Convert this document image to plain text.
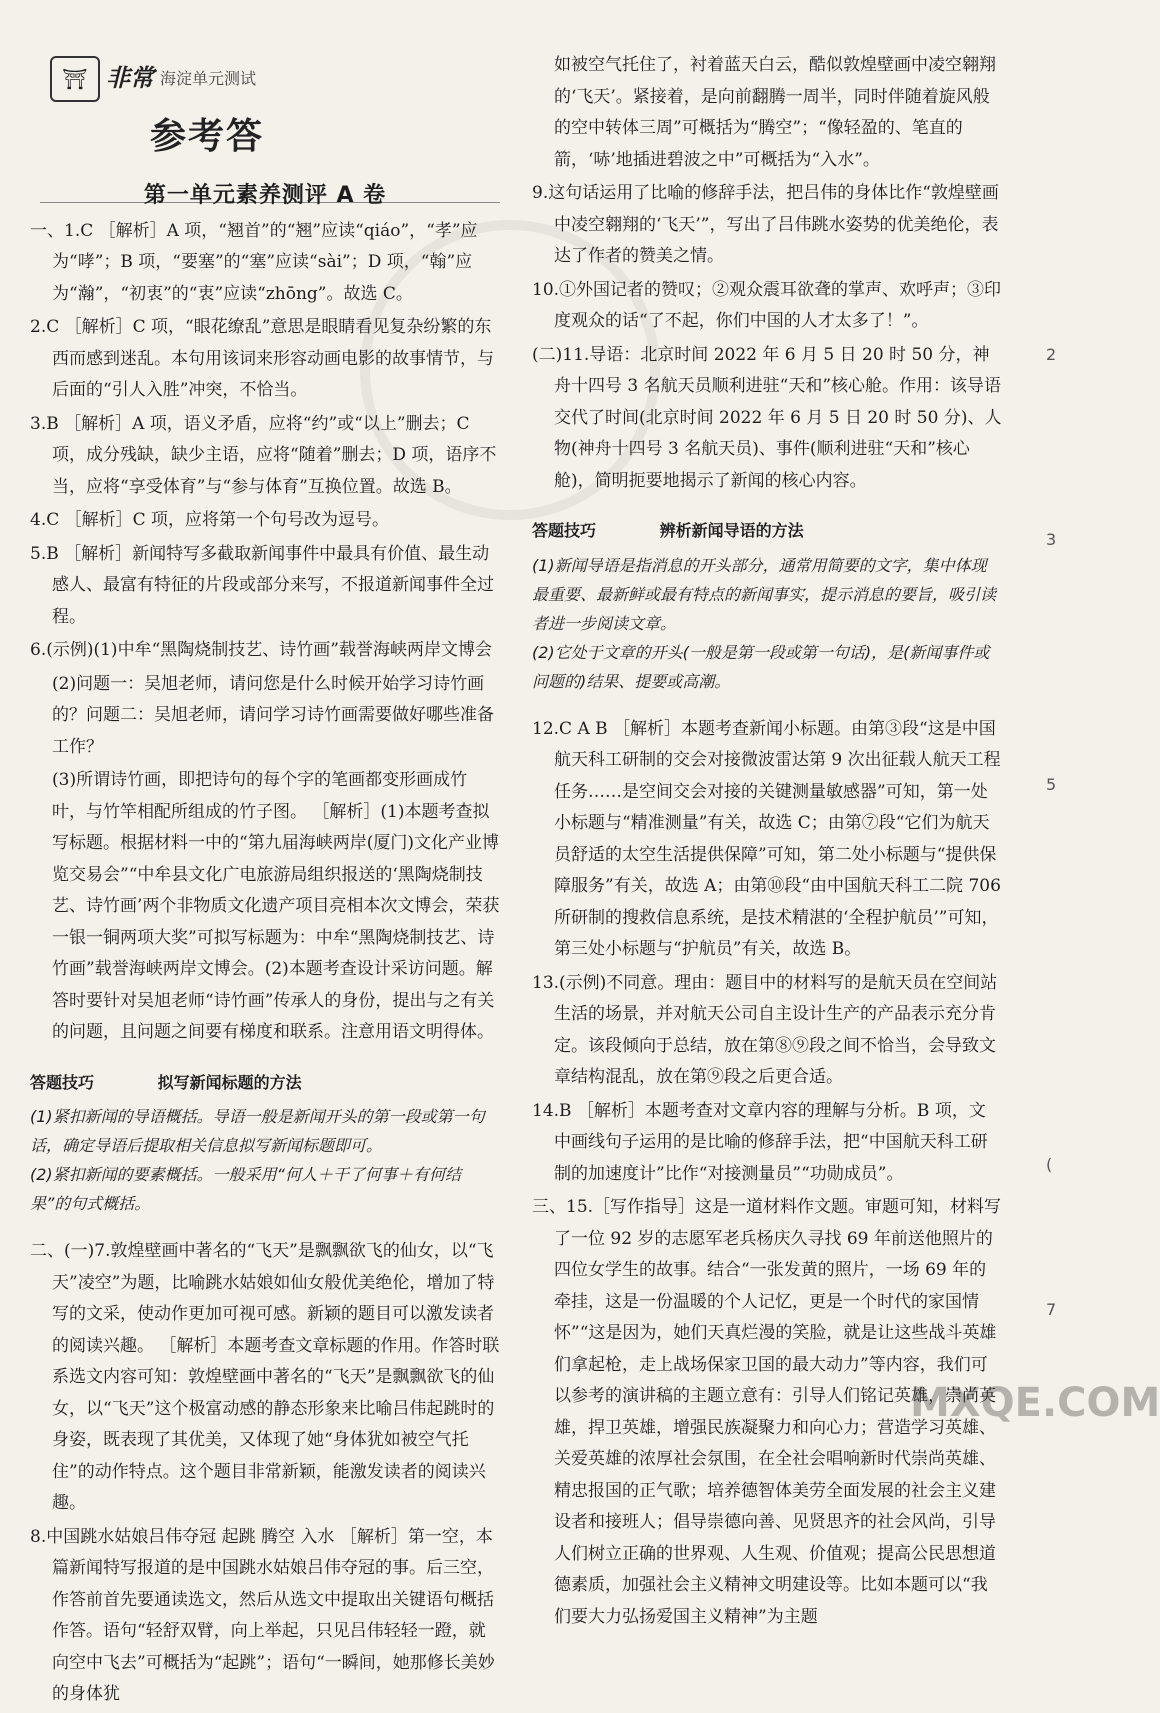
⛩ 非常 海淀单元测试
参考答
第一单元素养测评 A 卷

一、1.C ［解析］A 项，“翘首”的“翘”应读“qiáo”，“孝”应为“哮”；B 项，“要塞”的“塞”应读“sài”；D 项，“翰”应为“瀚”，“初衷”的“衷”应读“zhōng”。故选 C。

2.C ［解析］C 项，“眼花缭乱”意思是眼睛看见复杂纷繁的东西而感到迷乱。本句用该词来形容动画电影的故事情节，与后面的“引人入胜”冲突，不恰当。

3.B ［解析］A 项，语义矛盾，应将“约”或“以上”删去；C 项，成分残缺，缺少主语，应将“随着”删去；D 项，语序不当，应将“享受体育”与“参与体育”互换位置。故选 B。

4.C ［解析］C 项，应将第一个句号改为逗号。

5.B ［解析］新闻特写多截取新闻事件中最具有价值、最生动感人、最富有特征的片段或部分来写，不报道新闻事件全过程。

6.(示例)(1)中牟“黑陶烧制技艺、诗竹画”载誉海峡两岸文博会

(2)问题一：吴旭老师，请问您是什么时候开始学习诗竹画的？问题二：吴旭老师，请问学习诗竹画需要做好哪些准备工作？

(3)所谓诗竹画，即把诗句的每个字的笔画都变形画成竹叶，与竹竿相配所组成的竹子图。 ［解析］(1)本题考查拟写标题。根据材料一中的“第九届海峡两岸(厦门)文化产业博览交易会”“中牟县文化广电旅游局组织报送的‘黑陶烧制技艺、诗竹画’两个非物质文化遗产项目亮相本次文博会，荣获一银一铜两项大奖”可拟写标题为：中牟“黑陶烧制技艺、诗竹画”载誉海峡两岸文博会。(2)本题考查设计采访问题。解答时要针对吴旭老师“诗竹画”传承人的身份，提出与之有关的问题，且问题之间要有梯度和联系。注意用语文明得体。

答题技巧	拟写新闻标题的方法

(1)紧扣新闻的导语概括。导语一般是新闻开头的第一段或第一句话，确定导语后提取相关信息拟写新闻标题即可。

(2)紧扣新闻的要素概括。一般采用“何人＋干了何事＋有何结果”的句式概括。

二、(一)7.敦煌壁画中著名的“飞天”是飘飘欲飞的仙女，以“飞天”凌空”为题，比喻跳水姑娘如仙女般优美绝伦，增加了特写的文采，使动作更加可视可感。新颖的题目可以激发读者的阅读兴趣。 ［解析］本题考查文章标题的作用。作答时联系选文内容可知：敦煌壁画中著名的“飞天”是飘飘欲飞的仙女，以“飞天”这个极富动感的静态形象来比喻吕伟起跳时的身姿，既表现了其优美，又体现了她“身体犹如被空气托住”的动作特点。这个题目非常新颖，能激发读者的阅读兴趣。

8.中国跳水姑娘吕伟夺冠 起跳 腾空 入水 ［解析］第一空，本篇新闻特写报道的是中国跳水姑娘吕伟夺冠的事。后三空，作答前首先要通读选文，然后从选文中提取出关键语句概括作答。语句“轻舒双臂，向上举起，只见吕伟轻轻一蹬，就向空中飞去”可概括为“起跳”；语句“一瞬间，她那修长美妙的身体犹

如被空气托住了，衬着蓝天白云，酷似敦煌壁画中凌空翱翔的‘飞天’。紧接着，是向前翻腾一周半，同时伴随着旋风般的空中转体三周”可概括为“腾空”；“像轻盈的、笔直的箭，‘哧’地插进碧波之中”可概括为“入水”。

9.这句话运用了比喻的修辞手法，把吕伟的身体比作“敦煌壁画中凌空翱翔的‘飞天’”，写出了吕伟跳水姿势的优美绝伦，表达了作者的赞美之情。

10.①外国记者的赞叹；②观众震耳欲聋的掌声、欢呼声；③印度观众的话“了不起，你们中国的人才太多了！”。

(二)11.导语：北京时间 2022 年 6 月 5 日 20 时 50 分，神舟十四号 3 名航天员顺利进驻“天和”核心舱。作用：该导语交代了时间(北京时间 2022 年 6 月 5 日 20 时 50 分)、人物(神舟十四号 3 名航天员)、事件(顺利进驻“天和”核心舱)，简明扼要地揭示了新闻的核心内容。

答题技巧	辨析新闻导语的方法

(1)新闻导语是指消息的开头部分，通常用简要的文字，集中体现最重要、最新鲜或最有特点的新闻事实，提示消息的要旨，吸引读者进一步阅读文章。

(2)它处于文章的开头(一般是第一段或第一句话)，是(新闻事件或问题的)结果、提要或高潮。

12.C A B ［解析］本题考查新闻小标题。由第③段“这是中国航天科工研制的交会对接微波雷达第 9 次出征载人航天工程任务……是空间交会对接的关键测量敏感器”可知，第一处小标题与“精准测量”有关，故选 C；由第⑦段“它们为航天员舒适的太空生活提供保障”可知，第二处小标题与“提供保障服务”有关，故选 A；由第⑩段“由中国航天科工二院 706 所研制的搜救信息系统，是技术精湛的‘全程护航员’”可知，第三处小标题与“护航员”有关，故选 B。

13.(示例)不同意。理由：题目中的材料写的是航天员在空间站生活的场景，并对航天公司自主设计生产的产品表示充分肯定。该段倾向于总结，放在第⑧⑨段之间不恰当，会导致文章结构混乱，放在第⑨段之后更合适。

14.B ［解析］本题考查对文章内容的理解与分析。B 项，文中画线句子运用的是比喻的修辞手法，把“中国航天科工研制的加速度计”比作“对接测量员”“功勋成员”。

三、15.［写作指导］这是一道材料作文题。审题可知，材料写了一位 92 岁的志愿军老兵杨庆久寻找 69 年前送他照片的四位女学生的故事。结合“一张发黄的照片，一场 69 年的牵挂，这是一份温暖的个人记忆，更是一个时代的家国情怀”“这是因为，她们天真烂漫的笑脸，就是让这些战斗英雄们拿起枪，走上战场保家卫国的最大动力”等内容，我们可以参考的演讲稿的主题立意有：引导人们铭记英雄，崇尚英雄，捍卫英雄，增强民族凝聚力和向心力；营造学习英雄、关爱英雄的浓厚社会氛围，在全社会唱响新时代崇尚英雄、精忠报国的正气歌；培养德智体美劳全面发展的社会主义建设者和接班人；倡导崇德向善、见贤思齐的社会风尚，引导人们树立正确的世界观、人生观、价值观；提高公民思想道德素质，加强社会主义精神文明建设等。比如本题可以“我们要大力弘扬爱国主义精神”为主题

2
3
5
(
7
MXQE.COM
